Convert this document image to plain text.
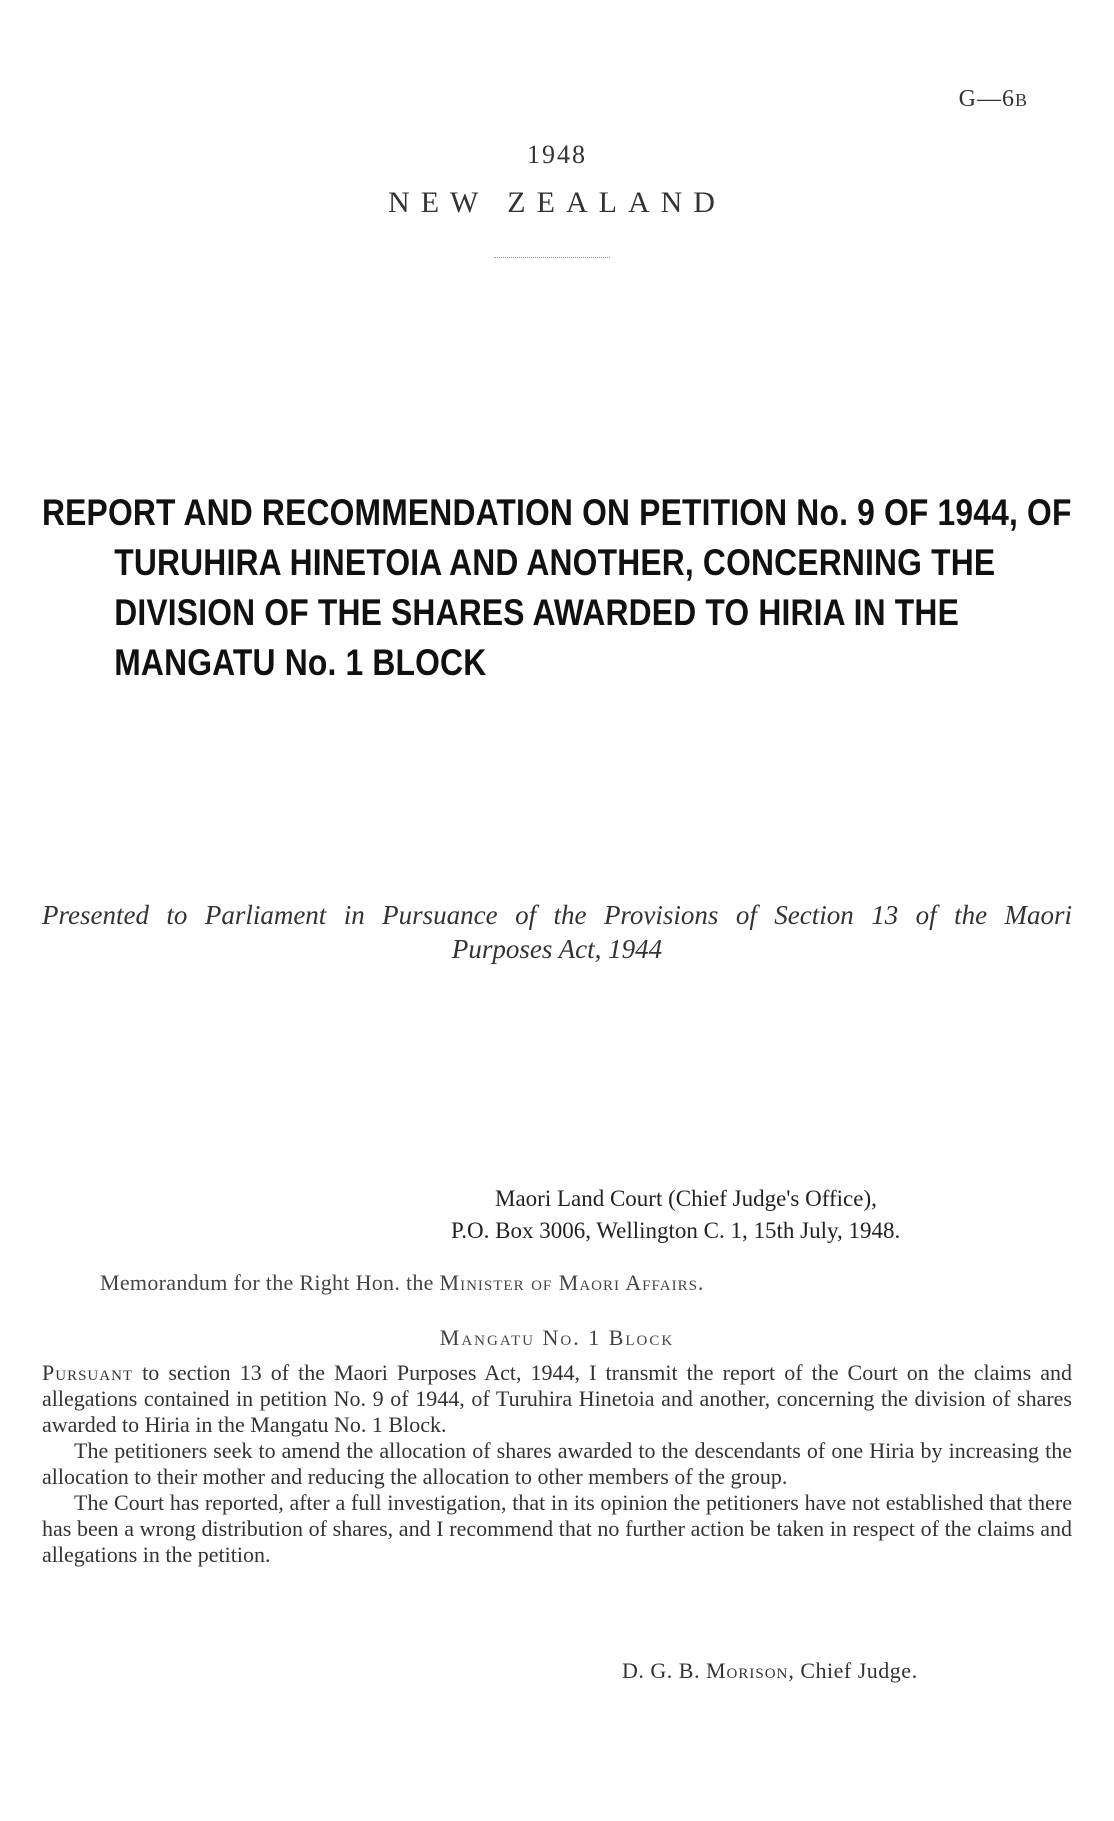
G—6B
1948
NEW ZEALAND
REPORT AND RECOMMENDATION ON PETITION No. 9 OF 1944, OF
TURUHIRA HINETOIA AND ANOTHER, CONCERNING THE
DIVISION OF THE SHARES AWARDED TO HIRIA IN THE
MANGATU No. 1 BLOCK
Presented to Parliament in Pursuance of the Provisions of Section 13 of the Maori
Purposes Act, 1944
Maori Land Court (Chief Judge's Office),
P.O. Box 3006, Wellington C. 1, 15th July, 1948.
Memorandum for the Right Hon. the Minister of Maori Affairs.
Mangatu No. 1 Block

Pursuant to section 13 of the Maori Purposes Act, 1944, I transmit the report of the Court on the claims and allegations contained in petition No. 9 of 1944, of Turuhira Hinetoia and another, concerning the division of shares awarded to Hiria in the Mangatu No. 1 Block.

The petitioners seek to amend the allocation of shares awarded to the descendants of one Hiria by increasing the allocation to their mother and reducing the allocation to other members of the group.

The Court has reported, after a full investigation, that in its opinion the petitioners have not established that there has been a wrong distribution of shares, and I recommend that no further action be taken in respect of the claims and allegations in the petition.

D. G. B. Morison, Chief Judge.
